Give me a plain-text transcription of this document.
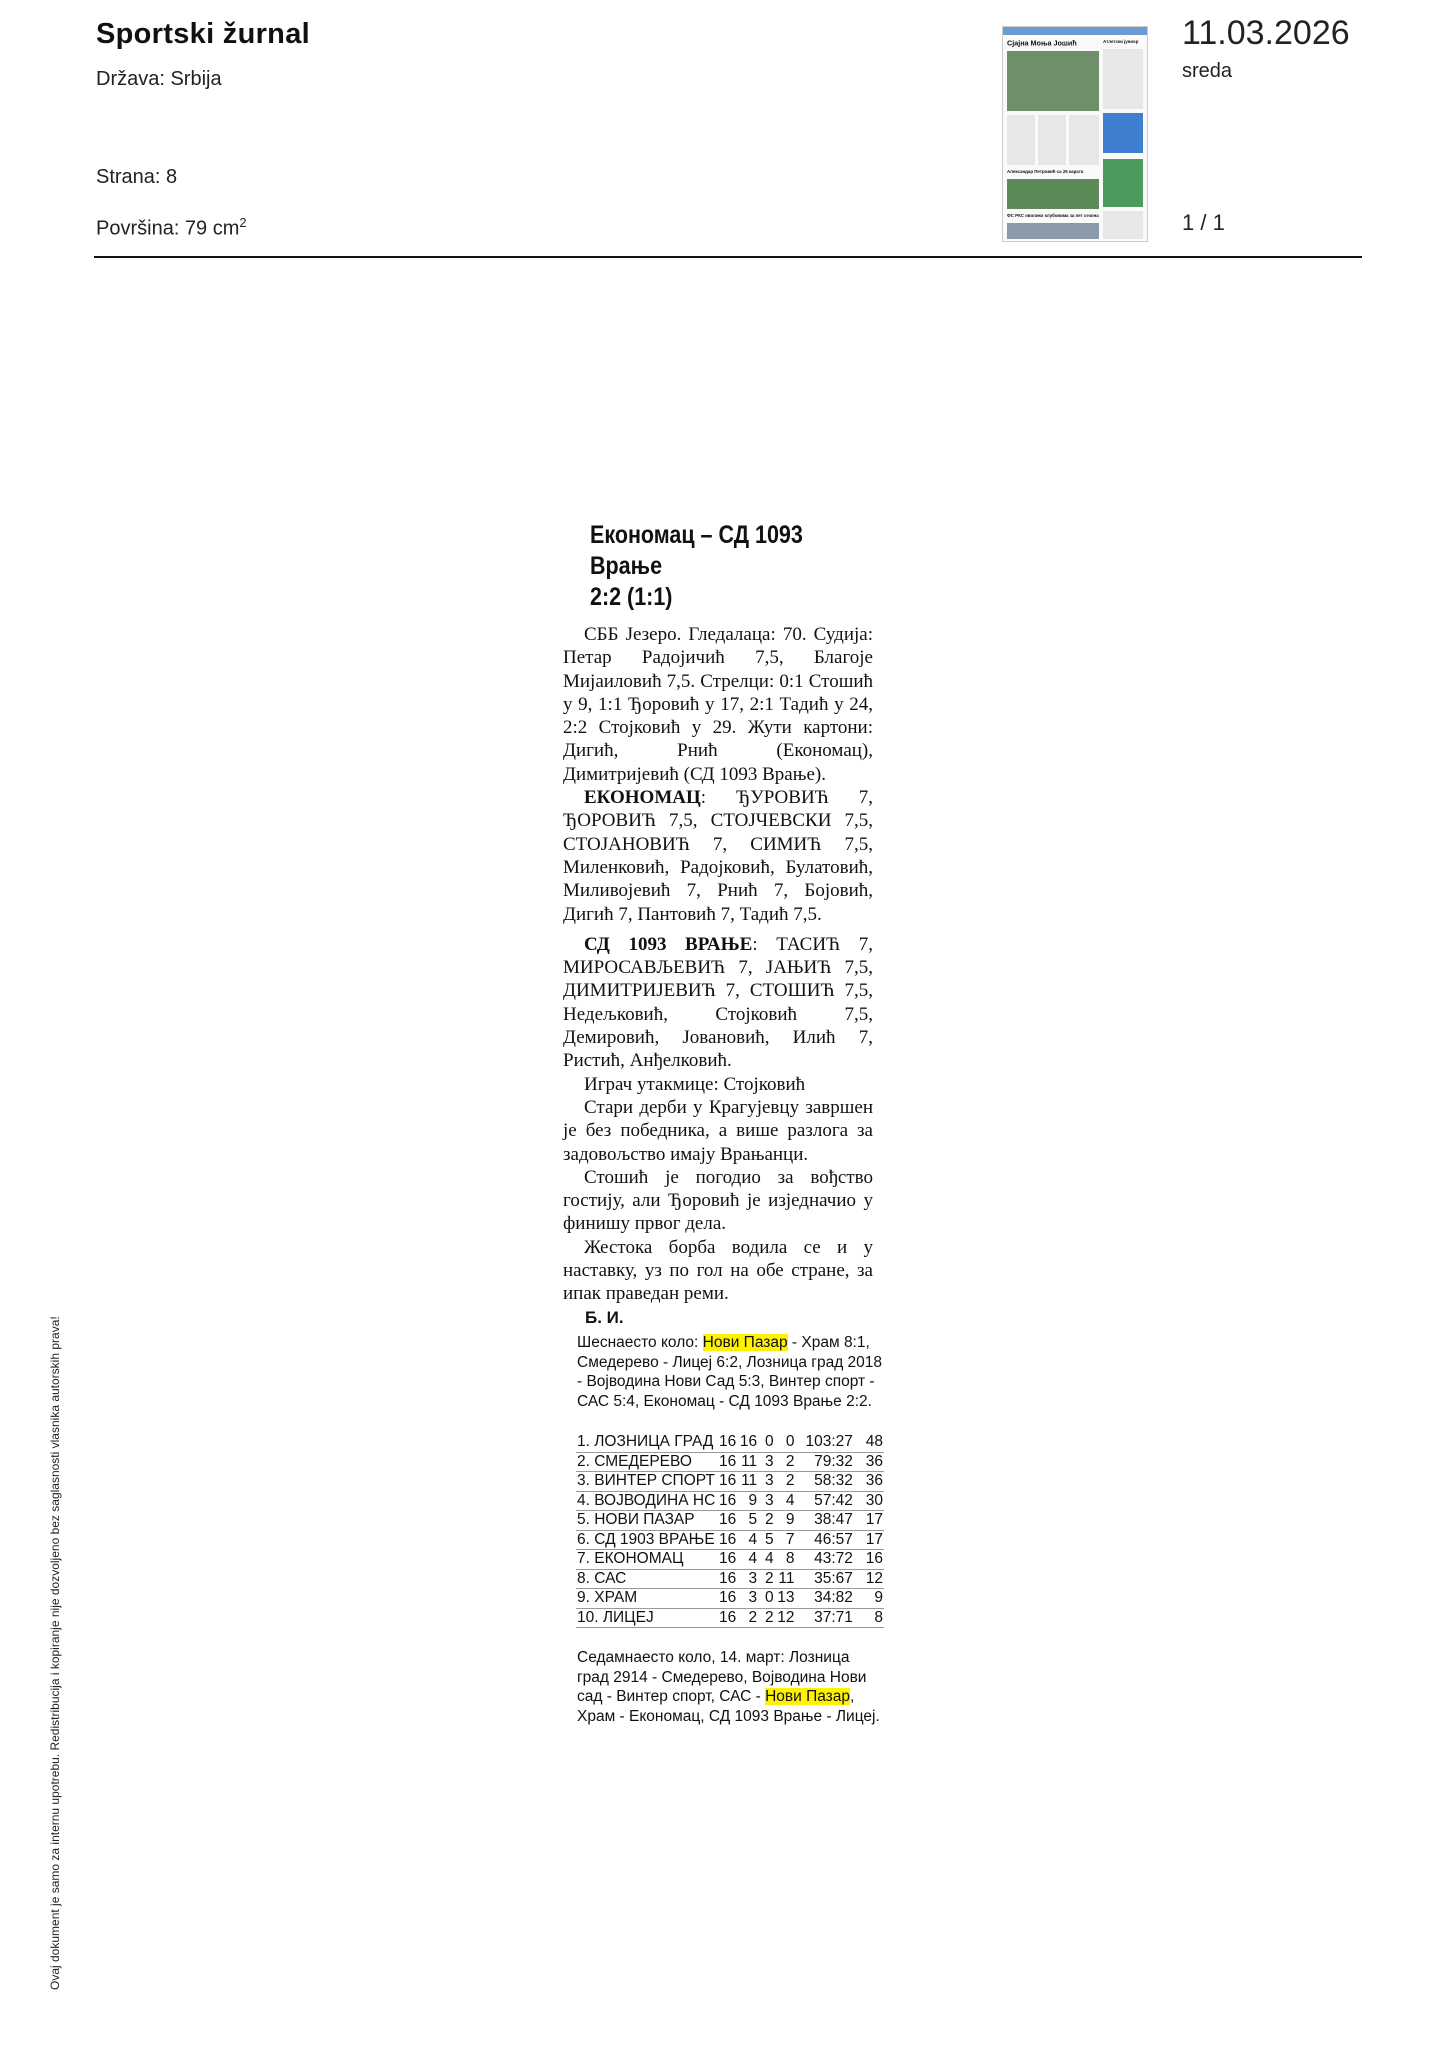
Sportski žurnal
Država: Srbija
Strana: 8
Površina: 79 $cm^2$
Сјајна Моња Јошић	Атлетски јуниор
Александар Петровић са 25 карата
ФС РКС оволико клубовима за пет сезона
11.03.2026
sreda
1 / 1
Ovaj dokument je samo za internu upotrebu. Redistribucija i kopiranje nije dozvoljeno bez saglasnosti vlasnika autorskih prava!
Економац – СД 1093 Врање
2:2 (1:1)

СББ Језеро. Гледалаца: 70. Судија: Петар Радојичић 7,5, Благоје Мијаиловић 7,5. Стрелци: 0:1 Стошић у 9, 1:1 Ђоровић у 17, 2:1 Тадић у 24, 2:2 Стојковић у 29. Жути картони: Дигић, Рнић (Економац), Димитријевић (СД 1093 Врање).

ЕКОНОМАЦ: ЂУРОВИЋ 7, ЂОРОВИЋ 7,5, СТОЈЧЕВСКИ 7,5, СТОЈАНОВИЋ 7, СИМИЋ 7,5, Миленковић, Радојковић, Булатовић, Миливојевић 7, Рнић 7, Бојовић, Дигић 7, Пантовић 7, Тадић 7,5.

СД 1093 ВРАЊЕ: ТАСИЋ 7, МИРОСАВЉЕВИЋ 7, ЈАЊИЋ 7,5, ДИМИТРИЈЕВИЋ 7, СТОШИЋ 7,5, Недељковић, Стојковић 7,5, Демировић, Јовановић, Илић 7, Ристић, Анђелковић.

Играч утакмице: Стојковић

Стари дерби у Крагујевцу завршен је без победника, а више разлога за задовољство имају Врањанци.

Стошић је погодио за вођство гостију, али Ђоровић је изједначио у финишу првог дела.

Жестока борба водила се и у наставку, уз по гол на обе стране, за ипак праведан реми.

Б. И.
Шеснаесто коло: Нови Пазар - Храм 8:1, Смедерево - Лицеј 6:2, Лозница град 2018 - Војводина Нови Сад 5:3, Винтер спорт - САС 5:4, Економац - СД 1093 Врање 2:2.
1. ЛОЗНИЦА ГРАД	16	16	0	0	103:27	48
2. СМЕДЕРЕВО	16	11	3	2	79:32	36
3. ВИНТЕР СПОРТ	16	11	3	2	58:32	36
4. ВОЈВОДИНА НС	16	9	3	4	57:42	30
5. НОВИ ПАЗАР	16	5	2	9	38:47	17
6. СД 1903 ВРАЊЕ	16	4	5	7	46:57	17
7. ЕКОНОМАЦ	16	4	4	8	43:72	16
8. САС	16	3	2	11	35:67	12
9. ХРАМ	16	3	0	13	34:82	9
10. ЛИЦЕЈ	16	2	2	12	37:71	8
Седамнаесто коло, 14. март: Лозница град 2914 - Смедерево, Војводина Нови сад - Винтер спорт, САС - Нови Пазар, Храм - Економац, СД 1093 Врање - Лицеј.
